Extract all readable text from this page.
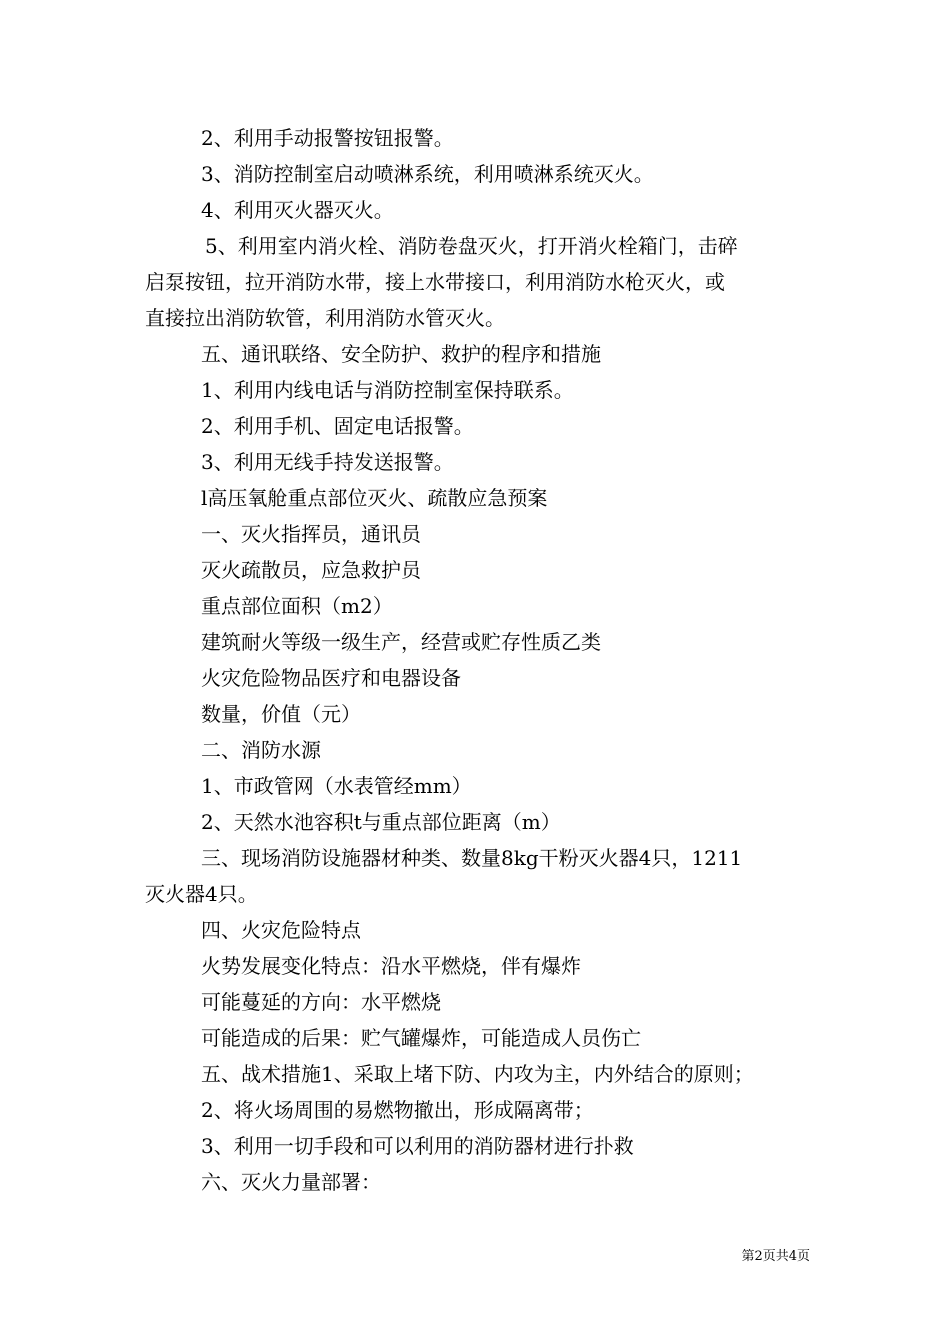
2、利用手动报警按钮报警。
3、消防控制室启动喷淋系统，利用喷淋系统灭火。
4、利用灭火器灭火。
5、利用室内消火栓、消防卷盘灭火，打开消火栓箱门，击碎
启泵按钮，拉开消防水带，接上水带接口，利用消防水枪灭火，或
直接拉出消防软管，利用消防水管灭火。
五、通讯联络、安全防护、救护的程序和措施
1、利用内线电话与消防控制室保持联系。
2、利用手机、固定电话报警。
3、利用无线手持发送报警。
l高压氧舱重点部位灭火、疏散应急预案
一、灭火指挥员，通讯员
灭火疏散员，应急救护员
重点部位面积（m2）
建筑耐火等级一级生产，经营或贮存性质乙类
火灾危险物品医疗和电器设备
数量，价值（元）
二、消防水源
1、市政管网（水表管经mm）
2、天然水池容积t与重点部位距离（m）
三、现场消防设施器材种类、数量8kg干粉灭火器4只，1211
灭火器4只。
四、火灾危险特点
火势发展变化特点：沿水平燃烧，伴有爆炸
可能蔓延的方向：水平燃烧
可能造成的后果：贮气罐爆炸，可能造成人员伤亡
五、战术措施1、采取上堵下防、内攻为主，内外结合的原则；
2、将火场周围的易燃物撤出，形成隔离带；
3、利用一切手段和可以利用的消防器材进行扑救
六、灭火力量部署：
第2页共4页
